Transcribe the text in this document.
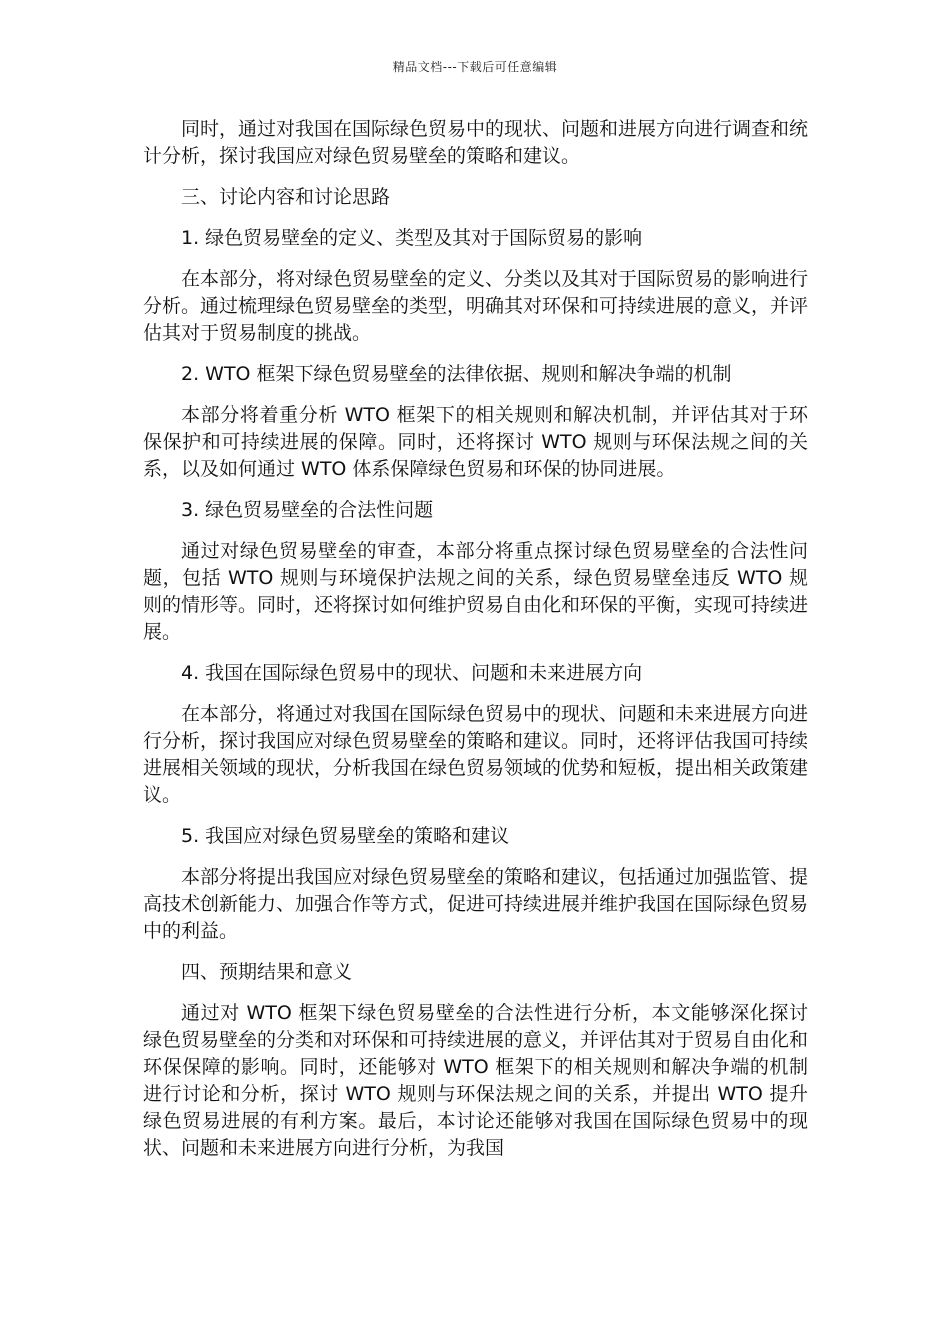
精品文档---下载后可任意编辑

同时，通过对我国在国际绿色贸易中的现状、问题和进展方向进行调查和统计分析，探讨我国应对绿色贸易壁垒的策略和建议。

三、讨论内容和讨论思路

1. 绿色贸易壁垒的定义、类型及其对于国际贸易的影响

在本部分，将对绿色贸易壁垒的定义、分类以及其对于国际贸易的影响进行分析。通过梳理绿色贸易壁垒的类型，明确其对环保和可持续进展的意义，并评估其对于贸易制度的挑战。

2. WTO 框架下绿色贸易壁垒的法律依据、规则和解决争端的机制

本部分将着重分析 WTO 框架下的相关规则和解决机制，并评估其对于环保保护和可持续进展的保障。同时，还将探讨 WTO 规则与环保法规之间的关系，以及如何通过 WTO 体系保障绿色贸易和环保的协同进展。

3. 绿色贸易壁垒的合法性问题

通过对绿色贸易壁垒的审查，本部分将重点探讨绿色贸易壁垒的合法性问题，包括 WTO 规则与环境保护法规之间的关系，绿色贸易壁垒违反 WTO 规则的情形等。同时，还将探讨如何维护贸易自由化和环保的平衡，实现可持续进展。

4. 我国在国际绿色贸易中的现状、问题和未来进展方向

在本部分，将通过对我国在国际绿色贸易中的现状、问题和未来进展方向进行分析，探讨我国应对绿色贸易壁垒的策略和建议。同时，还将评估我国可持续进展相关领域的现状，分析我国在绿色贸易领域的优势和短板，提出相关政策建议。

5. 我国应对绿色贸易壁垒的策略和建议

本部分将提出我国应对绿色贸易壁垒的策略和建议，包括通过加强监管、提高技术创新能力、加强合作等方式，促进可持续进展并维护我国在国际绿色贸易中的利益。

四、预期结果和意义

通过对 WTO 框架下绿色贸易壁垒的合法性进行分析，本文能够深化探讨绿色贸易壁垒的分类和对环保和可持续进展的意义，并评估其对于贸易自由化和环保保障的影响。同时，还能够对 WTO 框架下的相关规则和解决争端的机制进行讨论和分析，探讨 WTO 规则与环保法规之间的关系，并提出 WTO 提升绿色贸易进展的有利方案。最后，本讨论还能够对我国在国际绿色贸易中的现状、问题和未来进展方向进行分析，为我国
